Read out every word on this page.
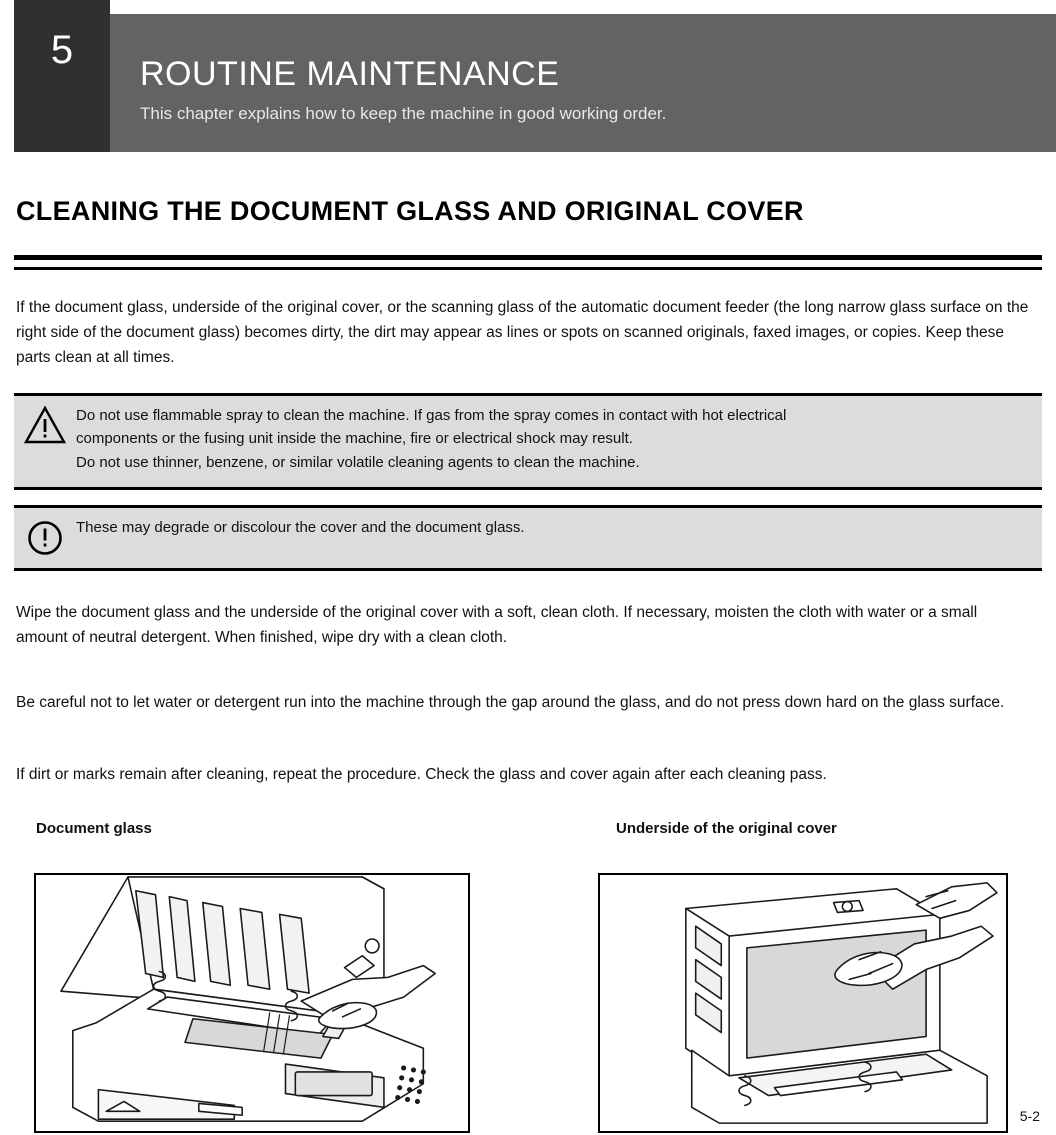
5
ROUTINE MAINTENANCE
This chapter explains how to keep the machine in good working order.
CLEANING THE DOCUMENT GLASS AND ORIGINAL COVER
If the document glass, underside of the original cover, or the scanning glass of the automatic document feeder (the long narrow glass surface on the right side of the document glass) becomes dirty, the dirt may appear as lines or spots on scanned originals, faxed images, or copies. Keep these parts clean at all times.
Do not use flammable spray to clean the machine. If gas from the spray comes in contact with hot electrical
components or the fusing unit inside the machine, fire or electrical shock may result.
Do not use thinner, benzene, or similar volatile cleaning agents to clean the machine.
These may degrade or discolour the cover and the document glass.
Wipe the document glass and the underside of the original cover with a soft, clean cloth. If necessary, moisten the cloth with water or a small amount of neutral detergent. When finished, wipe dry with a clean cloth.
Be careful not to let water or detergent run into the machine through the gap around the glass, and do not press down hard on the glass surface.
If dirt or marks remain after cleaning, repeat the procedure. Check the glass and cover again after each cleaning pass.
Document glass	Underside of the original cover
5-2
